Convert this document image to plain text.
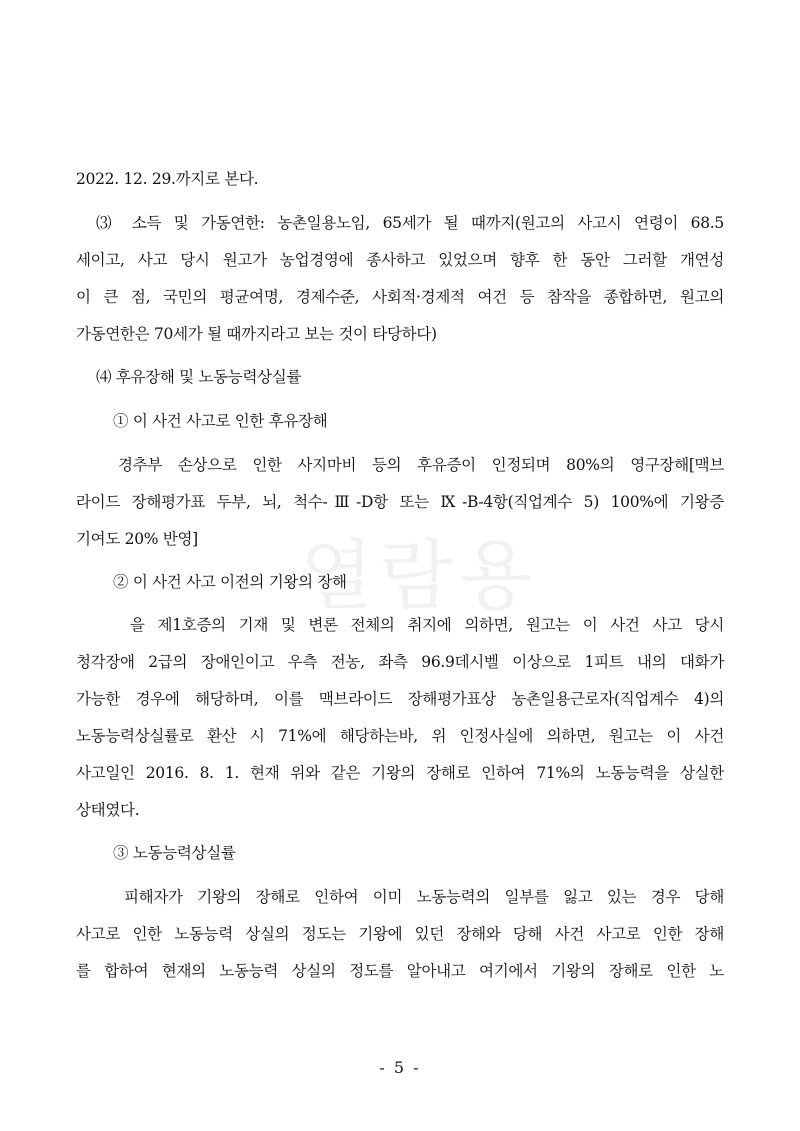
열람용
2022. 12. 29.까지로 본다.
⑶ 소득 및 가동연한: 농촌일용노임, 65세가 될 때까지(원고의 사고시 연령이 68.5
세이고, 사고 당시 원고가 농업경영에 종사하고 있었으며 향후 한 동안 그러할 개연성
이 큰 점, 국민의 평균여명, 경제수준, 사회적·경제적 여건 등 참작을 종합하면, 원고의
가동연한은 70세가 될 때까지라고 보는 것이 타당하다)
⑷ 후유장해 및 노동능력상실률
① 이 사건 사고로 인한 후유장해
경추부 손상으로 인한 사지마비 등의 후유증이 인정되며 80%의 영구장해[맥브
라이드 장해평가표 두부, 뇌, 척수-Ⅲ-D항 또는 Ⅸ-B-4항(직업계수 5) 100%에 기왕증
기여도 20% 반영]
② 이 사건 사고 이전의 기왕의 장해
을 제1호증의 기재 및 변론 전체의 취지에 의하면, 원고는 이 사건 사고 당시
청각장애 2급의 장애인이고 우측 전농, 좌측 96.9데시벨 이상으로 1피트 내의 대화가
가능한 경우에 해당하며, 이를 맥브라이드 장해평가표상 농촌일용근로자(직업계수 4)의
노동능력상실률로 환산 시 71%에 해당하는바, 위 인정사실에 의하면, 원고는 이 사건
사고일인 2016. 8. 1. 현재 위와 같은 기왕의 장해로 인하여 71%의 노동능력을 상실한
상태였다.
③ 노동능력상실률
피해자가 기왕의 장해로 인하여 이미 노동능력의 일부를 잃고 있는 경우 당해
사고로 인한 노동능력 상실의 정도는 기왕에 있던 장해와 당해 사건 사고로 인한 장해
를 합하여 현재의 노동능력 상실의 정도를 알아내고 여기에서 기왕의 장해로 인한 노
- 5 -
